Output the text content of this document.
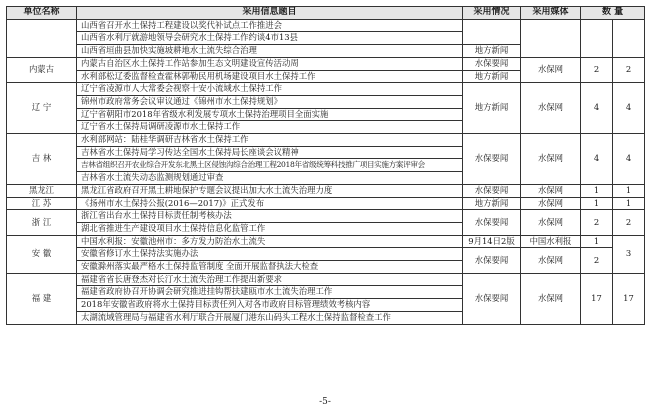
单位名称	采用信息题目	采用情况	采用媒体	数 量	
	山西省召开水土保持工程建设以奖代补试点工作推进会				
	山西省水利厅就游地领导会研究水土保持工作约谈4市13县				
	山西省垣曲县加快实施坡耕地水土流失综合治理	地方新闻			
内蒙古	内蒙古自治区水土保持工作站参加生态文明建设宣传活动周	水保要闻	水保网	2	2
	水利部松辽委监督检查霍林郭勒民用机场建设项目水土保持工作	地方新闻			
辽 宁	辽宁省凌源市人大常委会视察十安小流域水土保持工作	地方新闻	水保网	4	4
	锦州市政府常务会议审议通过《锦州市水土保持规划》				
	辽宁省朝阳市2018年省级水利发展专项水土保持治理项目全面实施				
	辽宁省水土保持局调研凌源市水土保持工作				
吉 林	水利部网站：陆桂华调研吉林省水土保持工作	水保要闻	水保网	4	4
	吉林省水土保持局学习传达全国水土保持局长座谈会议精神				
	吉林省组织召开农业综合开发东北黑土区侵蚀沟综合治理工程2018年省级统筹科技推广项目实施方案评审会				
	吉林省水土流失动态监测规划通过审查				
黑龙江	黑龙江省政府召开黑土耕地保护专题会议提出加大水土流失治理力度	水保要闻	水保网	1	1
江 苏	《扬州市水土保持公报(2016—2017)》正式发布	地方新闻	水保网	1	1
浙 江	浙江省出台水土保持目标责任制考核办法	水保要闻	水保网	2	2
	湖北省推进生产建设项目水土保持信息化监管工作				
安 徽	中国水利报：安徽池州市：多方发力防治水土流失	9月14日2版	中国水利报	1	3
	安徽省修订水土保持法实施办法	水保要闻	水保网	2	
	安徽滁州落实最严格水土保持监管制度 全面开展监督执法大检查				
福 建	福建省省长唐登杰对长汀水土流失治理工作提出新要求	水保要闻	水保网	17	17
	福建省政府协召开协调会研究推进挂钩帮扶建瓯市水土流失治理工作				
	2018年安徽省政府将水土保持目标责任列入对各市政府目标管理绩效考核内容				
	太湖流域管理局与福建省水利厅联合开展厦门港东山码头工程水土保持监督检查工作				
-5-
